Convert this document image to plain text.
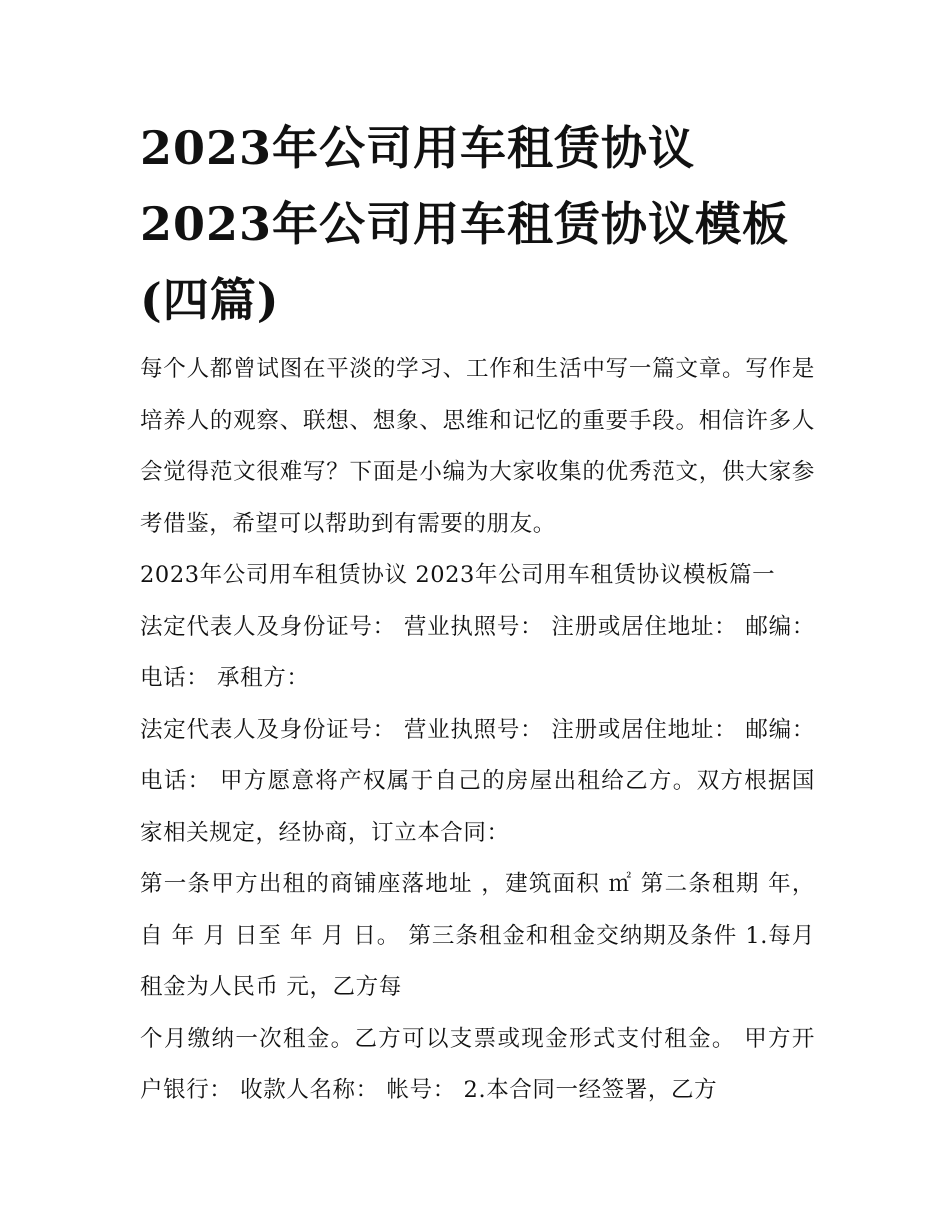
2023年公司用车租赁协议
2023年公司用车租赁协议模板(四篇)

每个人都曾试图在平淡的学习、工作和生活中写一篇文章。写作是培养人的观察、联想、想象、思维和记忆的重要手段。相信许多人会觉得范文很难写？下面是小编为大家收集的优秀范文，供大家参考借鉴，希望可以帮助到有需要的朋友。

2023年公司用车租赁协议 2023年公司用车租赁协议模板篇一

法定代表人及身份证号： 营业执照号： 注册或居住地址： 邮编： 电话： 承租方：

法定代表人及身份证号： 营业执照号： 注册或居住地址： 邮编： 电话： 甲方愿意将产权属于自己的房屋出租给乙方。双方根据国家相关规定，经协商，订立本合同：

第一条甲方出租的商铺座落地址 ，建筑面积 ㎡ 第二条租期 年，自 年 月 日至 年 月 日。 第三条租金和租金交纳期及条件 1.每月租金为人民币 元，乙方每

个月缴纳一次租金。乙方可以支票或现金形式支付租金。 甲方开户银行： 收款人名称： 帐号： 2.本合同一经签署，乙方
